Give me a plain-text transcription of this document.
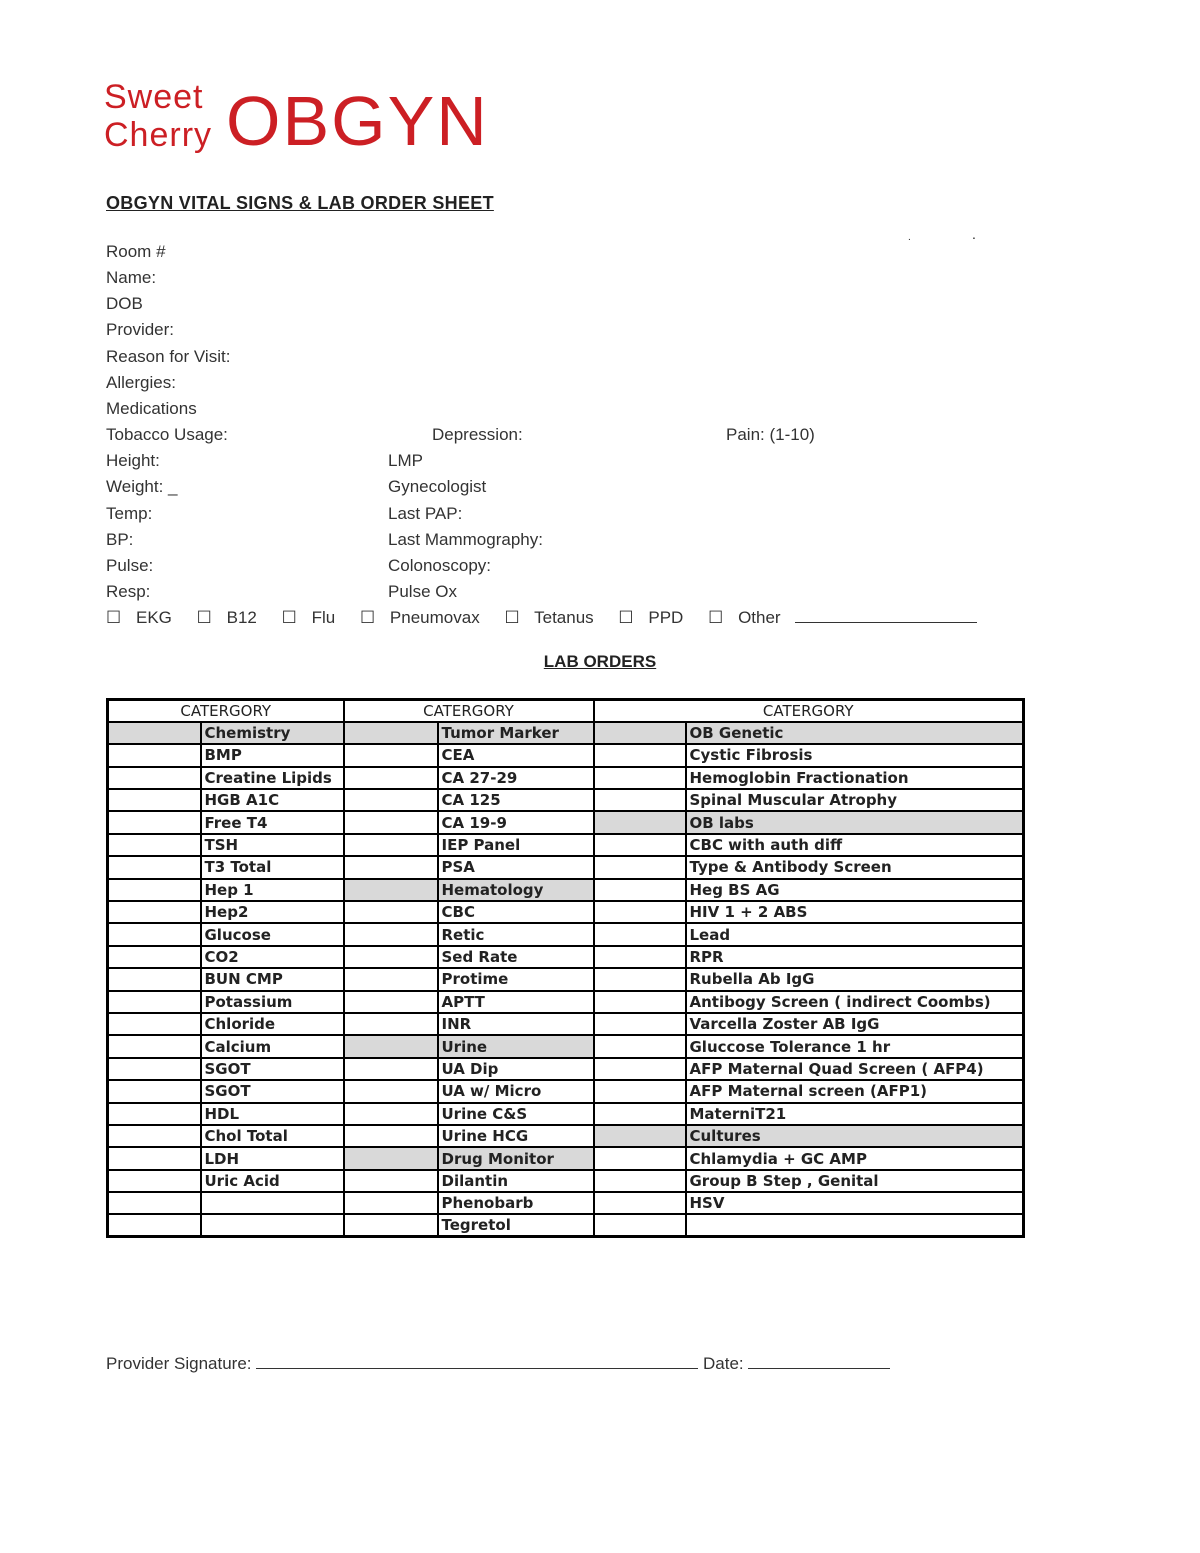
Sweet
Cherry OBGYN
OBGYN VITAL SIGNS & LAB ORDER SHEET
.	.
Room #
Name:
DOB
Provider:
Reason for Visit:
Allergies:
Medications
Tobacco Usage:
Height:
Weight: _
Temp:
BP:
Pulse:
Resp:
Depression:
LMP
Gynecologist
Last PAP:
Last Mammography:
Colonoscopy:
Pulse Ox
Pain: (1-10)
☐ EKG ☐ B12 ☐ Flu ☐ Pneumovax ☐ Tetanus ☐ PPD ☐ Other
LAB ORDERS
CATERGORY		CATERGORY		CATERGORY	
	Chemistry		Tumor Marker		OB Genetic
	BMP		CEA		Cystic Fibrosis
	Creatine Lipids		CA 27-29		Hemoglobin Fractionation
	HGB A1C		CA 125		Spinal Muscular Atrophy
	Free T4		CA 19-9		OB labs
	TSH		IEP Panel		CBC with auth diff
	T3 Total		PSA		Type & Antibody Screen
	Hep 1		Hematology		Heg BS AG
	Hep2		CBC		HIV 1 + 2 ABS
	Glucose		Retic		Lead
	CO2		Sed Rate		RPR
	BUN CMP		Protime		Rubella Ab IgG
	Potassium		APTT		Antibogy Screen ( indirect Coombs)
	Chloride		INR		Varcella Zoster AB IgG
	Calcium		Urine		Gluccose Tolerance 1 hr
	SGOT		UA Dip		AFP Maternal Quad Screen ( AFP4)
	SGOT		UA w/ Micro		AFP Maternal screen (AFP1)
	HDL		Urine C&S		MaterniT21
	Chol Total		Urine HCG		Cultures
	LDH		Drug Monitor		Chlamydia + GC AMP
	Uric Acid		Dilantin		Group B Step , Genital
			Phenobarb		HSV
			Tegretol		
Provider Signature:	Date:
